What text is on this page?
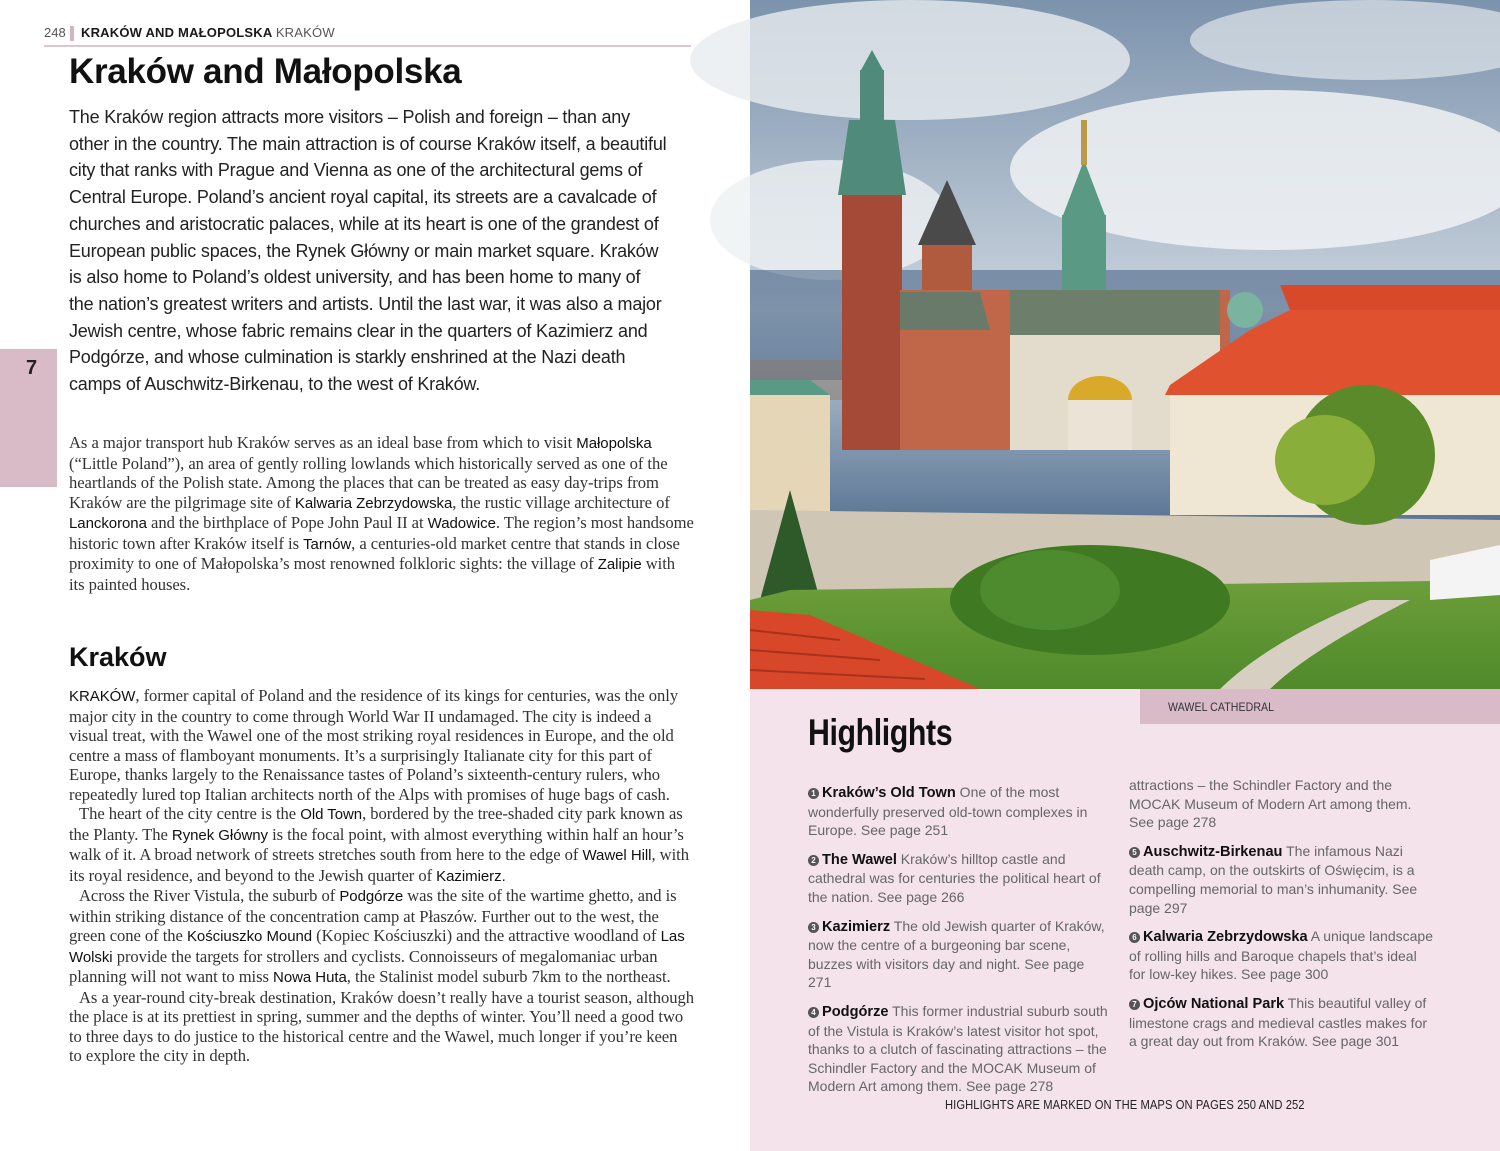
248 KRAKÓW AND MAŁOPOLSKA KRAKÓW
7
Kraków and Małopolska

The Kraków region attracts more visitors – Polish and foreign – than any other in the country. The main attraction is of course Kraków itself, a beautiful city that ranks with Prague and Vienna as one of the architectural gems of Central Europe. Poland’s ancient royal capital, its streets are a cavalcade of churches and aristocratic palaces, while at its heart is one of the grandest of European public spaces, the Rynek Główny or main market square. Kraków is also home to Poland’s oldest university, and has been home to many of the nation’s greatest writers and artists. Until the last war, it was also a major Jewish centre, whose fabric remains clear in the quarters of Kazimierz and Podgórze, and whose culmination is starkly enshrined at the Nazi death camps of Auschwitz-Birkenau, to the west of Kraków.

As a major transport hub Kraków serves as an ideal base from which to visit Małopolska (“Little Poland”), an area of gently rolling lowlands which historically served as one of the heartlands of the Polish state. Among the places that can be treated as easy day-trips from Kraków are the pilgrimage site of Kalwaria Zebrzydowska, the rustic village architecture of Lanckorona and the birthplace of Pope John Paul II at Wadowice. The region’s most handsome historic town after Kraków itself is Tarnów, a centuries-old market centre that stands in close proximity to one of Małopolska’s most renowned folkloric sights: the village of Zalipie with its painted houses.

Kraków
KRAKÓW, former capital of Poland and the residence of its kings for centuries, was the only major city in the country to come through World War II undamaged. The city is indeed a visual treat, with the Wawel one of the most striking royal residences in Europe, and the old centre a mass of flamboyant monuments. It’s a surprisingly Italianate city for this part of Europe, thanks largely to the Renaissance tastes of Poland’s sixteenth-century rulers, who repeatedly lured top Italian architects north of the Alps with promises of huge bags of cash.
The heart of the city centre is the Old Town, bordered by the tree-shaded city park known as the Planty. The Rynek Główny is the focal point, with almost everything within half an hour’s walk of it. A broad network of streets stretches south from here to the edge of Wawel Hill, with its royal residence, and beyond to the Jewish quarter of Kazimierz.
Across the River Vistula, the suburb of Podgórze was the site of the wartime ghetto, and is within striking distance of the concentration camp at Płaszów. Further out to the west, the green cone of the Kościuszko Mound (Kopiec Kościuszki) and the attractive woodland of Las Wolski provide the targets for strollers and cyclists. Connoisseurs of megalomaniac urban planning will not want to miss Nowa Huta, the Stalinist model suburb 7km to the northeast.
As a year-round city-break destination, Kraków doesn’t really have a tourist season, although the place is at its prettiest in spring, summer and the depths of winter. You’ll need a good two to three days to do justice to the historical centre and the Wawel, much longer if you’re keen to explore the city in depth.
WAWEL CATHEDRAL
Highlights

1 Kraków’s Old Town One of the most wonderfully preserved old-town complexes in Europe. See page 251

2 The Wawel Kraków’s hilltop castle and cathedral was for centuries the political heart of the nation. See page 266

3 Kazimierz The old Jewish quarter of Kraków, now the centre of a burgeoning bar scene, buzzes with visitors day and night. See page 271

4 Podgórze This former industrial suburb south of the Vistula is Kraków’s latest visitor hot spot, thanks to a clutch of fascinating attractions – the Schindler Factory and the MOCAK Museum of Modern Art among them. See page 278

attractions – the Schindler Factory and the MOCAK Museum of Modern Art among them. See page 278

5 Auschwitz-Birkenau The infamous Nazi death camp, on the outskirts of Oświęcim, is a compelling memorial to man’s inhumanity. See page 297

6 Kalwaria Zebrzydowska A unique landscape of rolling hills and Baroque chapels that’s ideal for low-key hikes. See page 300

7 Ojców National Park This beautiful valley of limestone crags and medieval castles makes for a great day out from Kraków. See page 301

HIGHLIGHTS ARE MARKED ON THE MAPS ON PAGES 250 AND 252
